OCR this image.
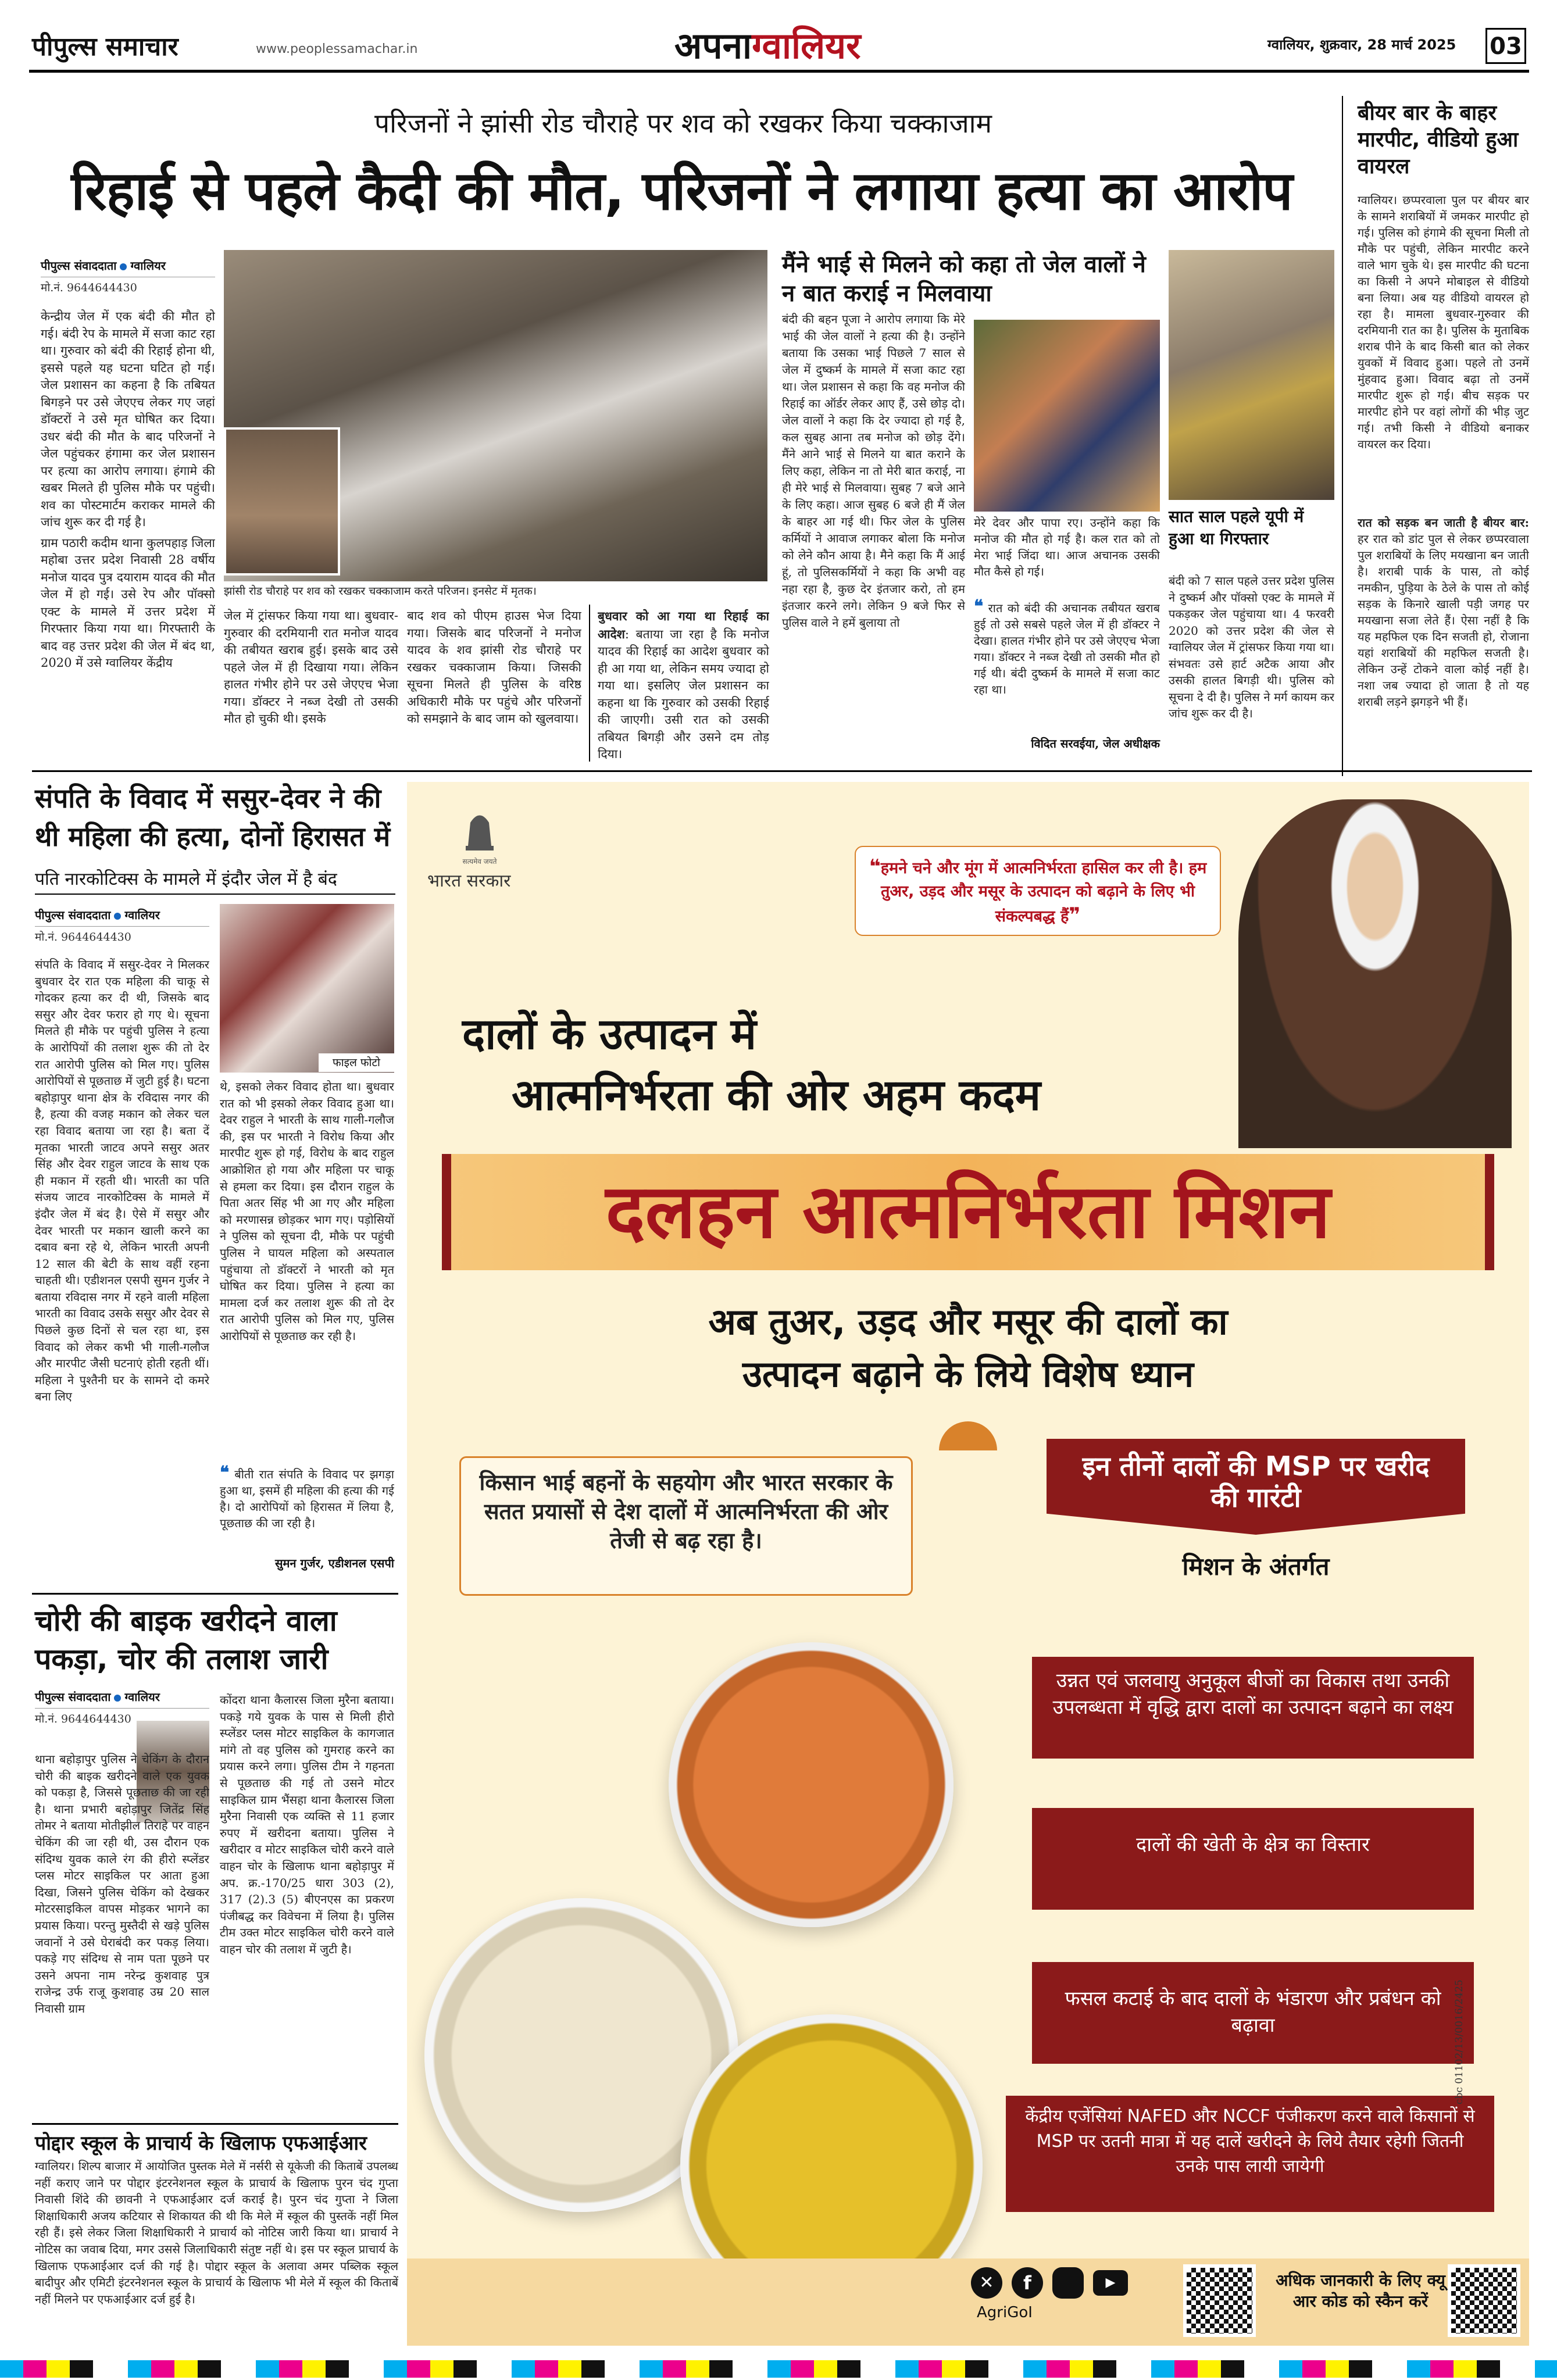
पीपुल्स समाचार	www.peoplessamachar.in	अपनाग्वालियर	ग्वालियर, शुक्रवार, 28 मार्च 2025 03
परिजनों ने झांसी रोड चौराहे पर शव को रखकर किया चक्काजाम
रिहाई से पहले कैदी की मौत, परिजनों ने लगाया हत्या का आरोप
पीपुल्स संवाददाता ग्वालियर
मो.नं. 9644644430

केन्द्रीय जेल में एक बंदी की मौत हो गई। बंदी रेप के मामले में सजा काट रहा था। गुरुवार को बंदी की रिहाई होना थी, इससे पहले यह घटना घटित हो गई। जेल प्रशासन का कहना है कि तबियत बिगड़ने पर उसे जेएएच लेकर गए जहां डॉक्टरों ने उसे मृत घोषित कर दिया। उधर बंदी की मौत के बाद परिजनों ने जेल पहुंचकर हंगामा कर जेल प्रशासन पर हत्या का आरोप लगाया। हंगामे की खबर मिलते ही पुलिस मौके पर पहुंची। शव का पोस्टमार्टम कराकर मामले की जांच शुरू कर दी गई है।

ग्राम पठारी कदीम थाना कुलपहाड़ जिला महोबा उत्तर प्रदेश निवासी 28 वर्षीय मनोज यादव पुत्र दयाराम यादव की मौत जेल में हो गई। उसे रेप और पॉक्सो एक्ट के मामले में उत्तर प्रदेश में गिरफ्तार किया गया था। गिरफ्तारी के बाद वह उत्तर प्रदेश की जेल में बंद था, 2020 में उसे ग्वालियर केंद्रीय

झांसी रोड चौराहे पर शव को रखकर चक्काजाम करते परिजन। इनसेट में मृतक।
जेल में ट्रांसफर किया गया था। बुधवार-गुरुवार की दरमियानी रात मनोज यादव की तबीयत खराब हुई। इसके बाद उसे पहले जेल में ही दिखाया गया। लेकिन हालत गंभीर होने पर उसे जेएएच भेजा गया। डॉक्टर ने नब्ज देखी तो उसकी मौत हो चुकी थी। इसके
बाद शव को पीएम हाउस भेज दिया गया। जिसके बाद परिजनों ने मनोज यादव के शव झांसी रोड चौराहे पर रखकर चक्काजाम किया। जिसकी सूचना मिलते ही पुलिस के वरिष्ठ अधिकारी मौके पर पहुंचे और परिजनों को समझाने के बाद जाम को खुलवाया।
बुधवार को आ गया था रिहाई का आदेश: बताया जा रहा है कि मनोज यादव की रिहाई का आदेश बुधवार को ही आ गया था, लेकिन समय ज्यादा हो गया था। इसलिए जेल प्रशासन का कहना था कि गुरुवार को उसकी रिहाई की जाएगी। उसी रात को उसकी तबियत बिगड़ी और उसने दम तोड़ दिया।
मैंने भाई से मिलने को कहा तो जेल वालों ने न बात कराई न मिलवाया
बंदी की बहन पूजा ने आरोप लगाया कि मेरे भाई की जेल वालों ने हत्या की है। उन्होंने बताया कि उसका भाई पिछले 7 साल से जेल में दुष्कर्म के मामले में सजा काट रहा था। जेल प्रशासन से कहा कि वह मनोज की रिहाई का ऑर्डर लेकर आए हैं, उसे छोड़ दो। जेल वालों ने कहा कि देर ज्यादा हो गई है, कल सुबह आना तब मनोज को छोड़ देंगे। मैंने आने भाई से मिलने या बात कराने के लिए कहा, लेकिन ना तो मेरी बात कराई, ना ही मेरे भाई से मिलवाया। सुबह 7 बजे आने के लिए कहा। आज सुबह 6 बजे ही मैं जेल के बाहर आ गई थी। फिर जेल के पुलिस कर्मियों ने आवाज लगाकर बोला कि मनोज को लेने कौन आया है। मैने कहा कि मैं आई हूं, तो पुलिसकर्मियों ने कहा कि अभी वह नहा रहा है, कुछ देर इंतजार करो, तो हम इंतजार करने लगे। लेकिन 9 बजे फिर से पुलिस वाले ने हमें बुलाया तो
मेरे देवर और पापा रए। उन्होंने कहा कि मनोज की मौत हो गई है। कल रात को तो मेरा भाई जिंदा था। आज अचानक उसकी मौत कैसे हो गई।
❝ रात को बंदी की अचानक तबीयत खराब हुई तो उसे सबसे पहले जेल में ही डॉक्टर ने देखा। हालत गंभीर होने पर उसे जेएएच भेजा गया। डॉक्टर ने नब्ज देखी तो उसकी मौत हो गई थी। बंदी दुष्कर्म के मामले में सजा काट रहा था।
विदित सरवईया, जेल अधीक्षक
सात साल पहले यूपी में हुआ था गिरफ्तार
बंदी को 7 साल पहले उत्तर प्रदेश पुलिस ने दुष्कर्म और पॉक्सो एक्ट के मामले में पकड़कर जेल पहुंचाया था। 4 फरवरी 2020 को उत्तर प्रदेश की जेल से ग्वालियर जेल में ट्रांसफर किया गया था। संभवतः उसे हार्ट अटैक आया और उसकी हालत बिगड़ी थी। पुलिस को सूचना दे दी है। पुलिस ने मर्ग कायम कर जांच शुरू कर दी है।
बीयर बार के बाहर मारपीट, वीडियो हुआ वायरल
ग्वालियर। छप्परवाला पुल पर बीयर बार के सामने शराबियों में जमकर मारपीट हो गई। पुलिस को हंगामे की सूचना मिली तो मौके पर पहुंची, लेकिन मारपीट करने वाले भाग चुके थे। इस मारपीट की घटना का किसी ने अपने मोबाइल से वीडियो बना लिया। अब यह वीडियो वायरल हो रहा है। मामला बुधवार-गुरुवार की दरमियानी रात का है। पुलिस के मुताबिक शराब पीने के बाद किसी बात को लेकर युवकों में विवाद हुआ। पहले तो उनमें मुंहवाद हुआ। विवाद बढ़ा तो उनमें मारपीट शुरू हो गई। बीच सड़क पर मारपीट होने पर वहां लोगों की भीड़ जुट गई। तभी किसी ने वीडियो बनाकर वायरल कर दिया।
रात को सड़क बन जाती है बीयर बार: हर रात को डांट पुल से लेकर छप्परवाला पुल शराबियों के लिए मयखाना बन जाती है। शराबी पार्क के पास, तो कोई नमकीन, पुड़िया के ठेले के पास तो कोई सड़क के किनारे खाली पड़ी जगह पर मयखाना सजा लेते हैं। ऐसा नहीं है कि यह महफिल एक दिन सजती हो, रोजाना यहां शराबियों की महफिल सजती है। लेकिन उन्हें टोकने वाला कोई नहीं है। नशा जब ज्यादा हो जाता है तो यह शराबी लड़ने झगड़ने भी हैं।
संपति के विवाद में ससुर-देवर ने की थी महिला की हत्या, दोनों हिरासत में
पति नारकोटिक्स के मामले में इंदौर जेल में है बंद
पीपुल्स संवाददाता ग्वालियर
मो.नं. 9644644430
संपति के विवाद में ससुर-देवर ने मिलकर बुधवार देर रात एक महिला की चाकू से गोदकर हत्या कर दी थी, जिसके बाद ससुर और देवर फरार हो गए थे। सूचना मिलते ही मौके पर पहुंची पुलिस ने हत्या के आरोपियों की तलाश शुरू की तो देर रात आरोपी पुलिस को मिल गए। पुलिस आरोपियों से पूछताछ में जुटी हुई है। घटना बहोड़ापुर थाना क्षेत्र के रविदास नगर की है, हत्या की वजह मकान को लेकर चल रहा विवाद बताया जा रहा है। बता दें मृतका भारती जाटव अपने ससुर अतर सिंह और देवर राहुल जाटव के साथ एक ही मकान में रहती थी। भारती का पति संजय जाटव नारकोटिक्स के मामले में इंदौर जेल में बंद है। ऐसे में ससुर और देवर भारती पर मकान खाली करने का दबाव बना रहे थे, लेकिन भारती अपनी 12 साल की बेटी के साथ वहीं रहना चाहती थी। एडीशनल एसपी सुमन गुर्जर ने बताया रविदास नगर में रहने वाली महिला भारती का विवाद उसके ससुर और देवर से पिछले कुछ दिनों से चल रहा था, इस विवाद को लेकर कभी भी गाली-गलौज और मारपीट जैसी घटनाएं होती रहती थीं। महिला ने पुश्तैनी घर के सामने दो कमरे बना लिए
फाइल फोटो
थे, इसको लेकर विवाद होता था। बुधवार रात को भी इसको लेकर विवाद हुआ था। देवर राहुल ने भारती के साथ गाली-गलौज की, इस पर भारती ने विरोध किया और मारपीट शुरू हो गई, विरोध के बाद राहुल आक्रोशित हो गया और महिला पर चाकू से हमला कर दिया। इस दौरान राहुल के पिता अतर सिंह भी आ गए और महिला को मरणासन्न छोड़कर भाग गए। पड़ोसियों ने पुलिस को सूचना दी, मौके पर पहुंची पुलिस ने घायल महिला को अस्पताल पहुंचाया तो डॉक्टरों ने भारती को मृत घोषित कर दिया। पुलिस ने हत्या का मामला दर्ज कर तलाश शुरू की तो देर रात आरोपी पुलिस को मिल गए, पुलिस आरोपियों से पूछताछ कर रही है।
❝ बीती रात संपति के विवाद पर झगड़ा हुआ था, इसमें ही महिला की हत्या की गई है। दो आरोपियों को हिरासत में लिया है, पूछताछ की जा रही है।
सुमन गुर्जर, एडीशनल एसपी
चोरी की बाइक खरीदने वाला पकड़ा, चोर की तलाश जारी
पीपुल्स संवाददाता ग्वालियर
मो.नं. 9644644430
थाना बहोड़ापुर पुलिस ने चेकिंग के दौरान चोरी की बाइक खरीदने वाले एक युवक को पकड़ा है, जिससे पूछताछ की जा रही है। थाना प्रभारी बहोड़ापुर जितेंद्र सिंह तोमर ने बताया मोतीझील तिराहे पर वाहन चेकिंग की जा रही थी, उस दौरान एक संदिग्ध युवक काले रंग की हीरो स्प्लेंडर प्लस मोटर साइकिल पर आता हुआ दिखा, जिसने पुलिस चेकिंग को देखकर मोटरसाइकिल वापस मोड़कर भागने का प्रयास किया। परन्तु मुस्तैदी से खड़े पुलिस जवानों ने उसे घेराबंदी कर पकड़ लिया। पकड़े गए संदिग्ध से नाम पता पूछने पर उसने अपना नाम नरेन्द्र कुशवाह पुत्र राजेन्द्र उर्फ राजू कुशवाह उम्र 20 साल निवासी ग्राम
कोंदरा थाना कैलारस जिला मुरैना बताया। पकड़े गये युवक के पास से मिली हीरो स्प्लेंडर प्लस मोटर साइकिल के कागजात मांगे तो वह पुलिस को गुमराह करने का प्रयास करने लगा। पुलिस टीम ने गहनता से पूछताछ की गई तो उसने मोटर साइकिल ग्राम भैंसहा थाना कैलारस जिला मुरैना निवासी एक व्यक्ति से 11 हजार रुपए में खरीदना बताया। पुलिस ने खरीदार व मोटर साइकिल चोरी करने वाले वाहन चोर के खिलाफ थाना बहोड़ापुर में अप. क्र.-170/25 धारा 303 (2), 317 (2).3 (5) बीएनएस का प्रकरण पंजीबद्ध कर विवेचना में लिया है। पुलिस टीम उक्त मोटर साइकिल चोरी करने वाले वाहन चोर की तलाश में जुटी है।
पोद्दार स्कूल के प्राचार्य के खिलाफ एफआईआर
ग्वालियर। शिल्प बाजार में आयोजित पुस्तक मेले में नर्सरी से यूकेजी की किताबें उपलब्ध नहीं कराए जाने पर पोद्दार इंटरनेशनल स्कूल के प्राचार्य के खिलाफ पुरन चंद गुप्ता निवासी शिंदे की छावनी ने एफआईआर दर्ज कराई है। पुरन चंद गुप्ता ने जिला शिक्षाधिकारी अजय कटियार से शिकायत की थी कि मेले में स्कूल की पुस्तकें नहीं मिल रही हैं। इसे लेकर जिला शिक्षाधिकारी ने प्राचार्य को नोटिस जारी किया था। प्राचार्य ने नोटिस का जवाब दिया, मगर उससे जिलाधिकारी संतुष्ट नहीं थे। इस पर स्कूल प्राचार्य के खिलाफ एफआईआर दर्ज की गई है। पोद्दार स्कूल के अलावा अमर पब्लिक स्कूल बादीपुर और एमिटी इंटरनेशनल स्कूल के प्राचार्य के खिलाफ भी मेले में स्कूल की किताबें नहीं मिलने पर एफआईआर दर्ज हुई है।
सत्यमेव जयते
भारत सरकार
❝हमने चने और मूंग में आत्मनिर्भरता हासिल कर ली है। हम तुअर, उड़द और मसूर के उत्पादन को बढ़ाने के लिए भी संकल्पबद्ध हैं❞
दालों के उत्पादन में
आत्मनिर्भरता की ओर अहम कदम
दलहन आत्मनिर्भरता मिशन
अब तुअर, उड़द और मसूर की दालों का
उत्पादन बढ़ाने के लिये विशेष ध्यान
किसान भाई बहनों के सहयोग और भारत सरकार के सतत प्रयासों से देश दालों में आत्मनिर्भरता की ओर तेजी से बढ़ रहा है।
इन तीनों दालों की MSP पर खरीद की गारंटी
मिशन के अंतर्गत
उन्नत एवं जलवायु अनुकूल बीजों का विकास तथा उनकी उपलब्धता में वृद्धि द्वारा दालों का उत्पादन बढ़ाने का लक्ष्य
दालों की खेती के क्षेत्र का विस्तार
फसल कटाई के बाद दालों के भंडारण और प्रबंधन को बढ़ावा
केंद्रीय एजेंसियां NAFED और NCCF पंजीकरण करने वाले किसानों से MSP पर उतनी मात्रा में यह दालें खरीदने के लिये तैयार रहेगी जितनी उनके पास लायी जायेगी
✕	f	▶
AgriGoI
अधिक जानकारी के लिए क्यू आर कोड को स्कैन करें
cbc 01102/13/0016/2425
